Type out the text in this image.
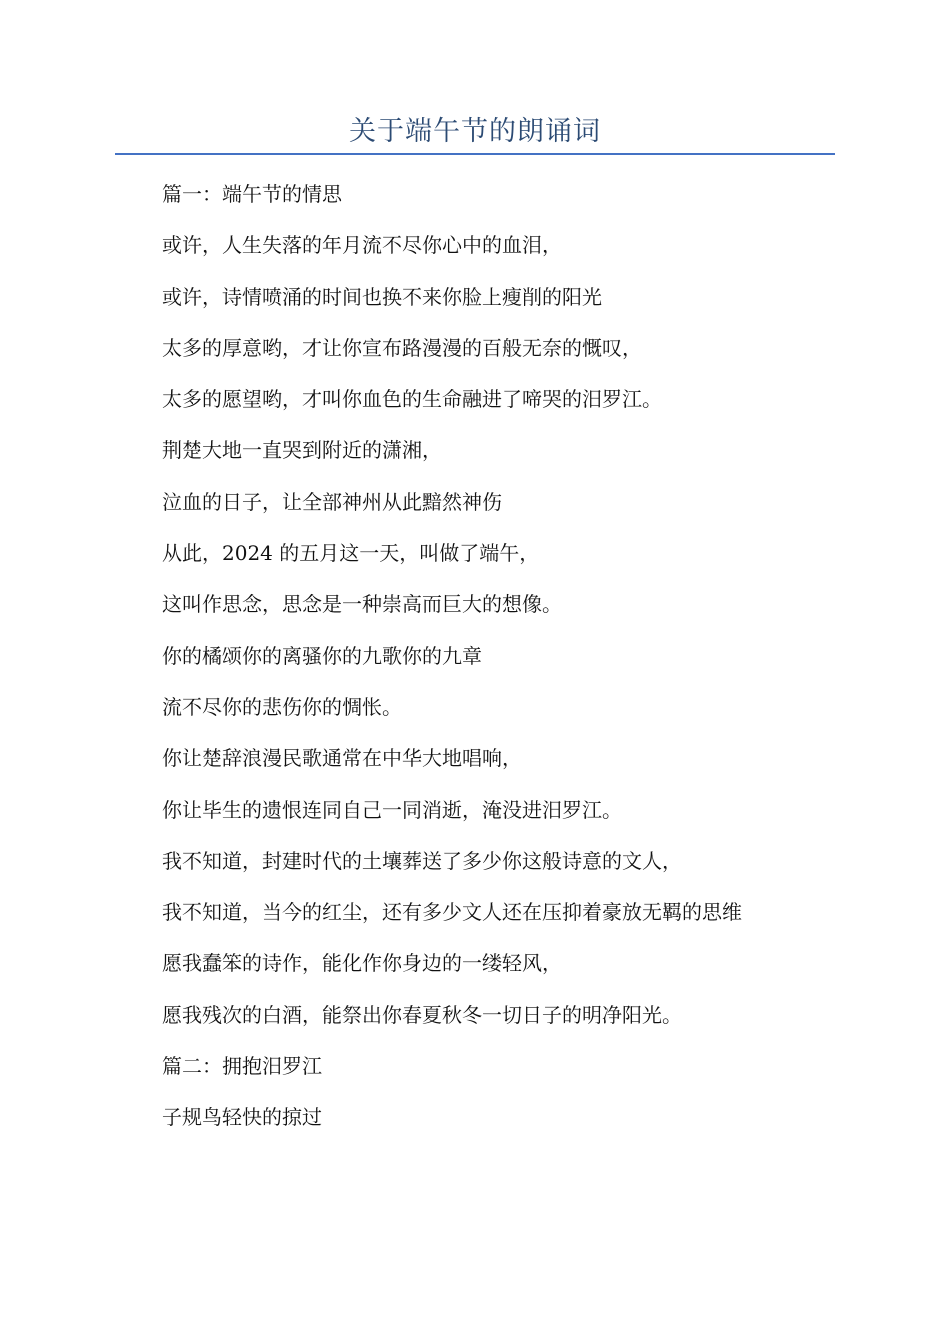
关于端午节的朗诵词
篇一：端午节的情思
或许，人生失落的年月流不尽你心中的血泪，
或许，诗情喷涌的时间也换不来你脸上瘦削的阳光
太多的厚意哟，才让你宣布路漫漫的百般无奈的慨叹，
太多的愿望哟，才叫你血色的生命融进了啼哭的汨罗江。
荆楚大地一直哭到附近的潇湘，
泣血的日子，让全部神州从此黯然神伤
从此，2024 的五月这一天，叫做了端午，
这叫作思念，思念是一种崇高而巨大的想像。
你的橘颂你的离骚你的九歌你的九章
流不尽你的悲伤你的惆怅。
你让楚辞浪漫民歌通常在中华大地唱响，
你让毕生的遗恨连同自己一同消逝，淹没进汨罗江。
我不知道，封建时代的土壤葬送了多少你这般诗意的文人，
我不知道，当今的红尘，还有多少文人还在压抑着豪放无羁的思维
愿我蠢笨的诗作，能化作你身边的一缕轻风，
愿我残次的白酒，能祭出你春夏秋冬一切日子的明净阳光。
篇二：拥抱汨罗江
子规鸟轻快的掠过
